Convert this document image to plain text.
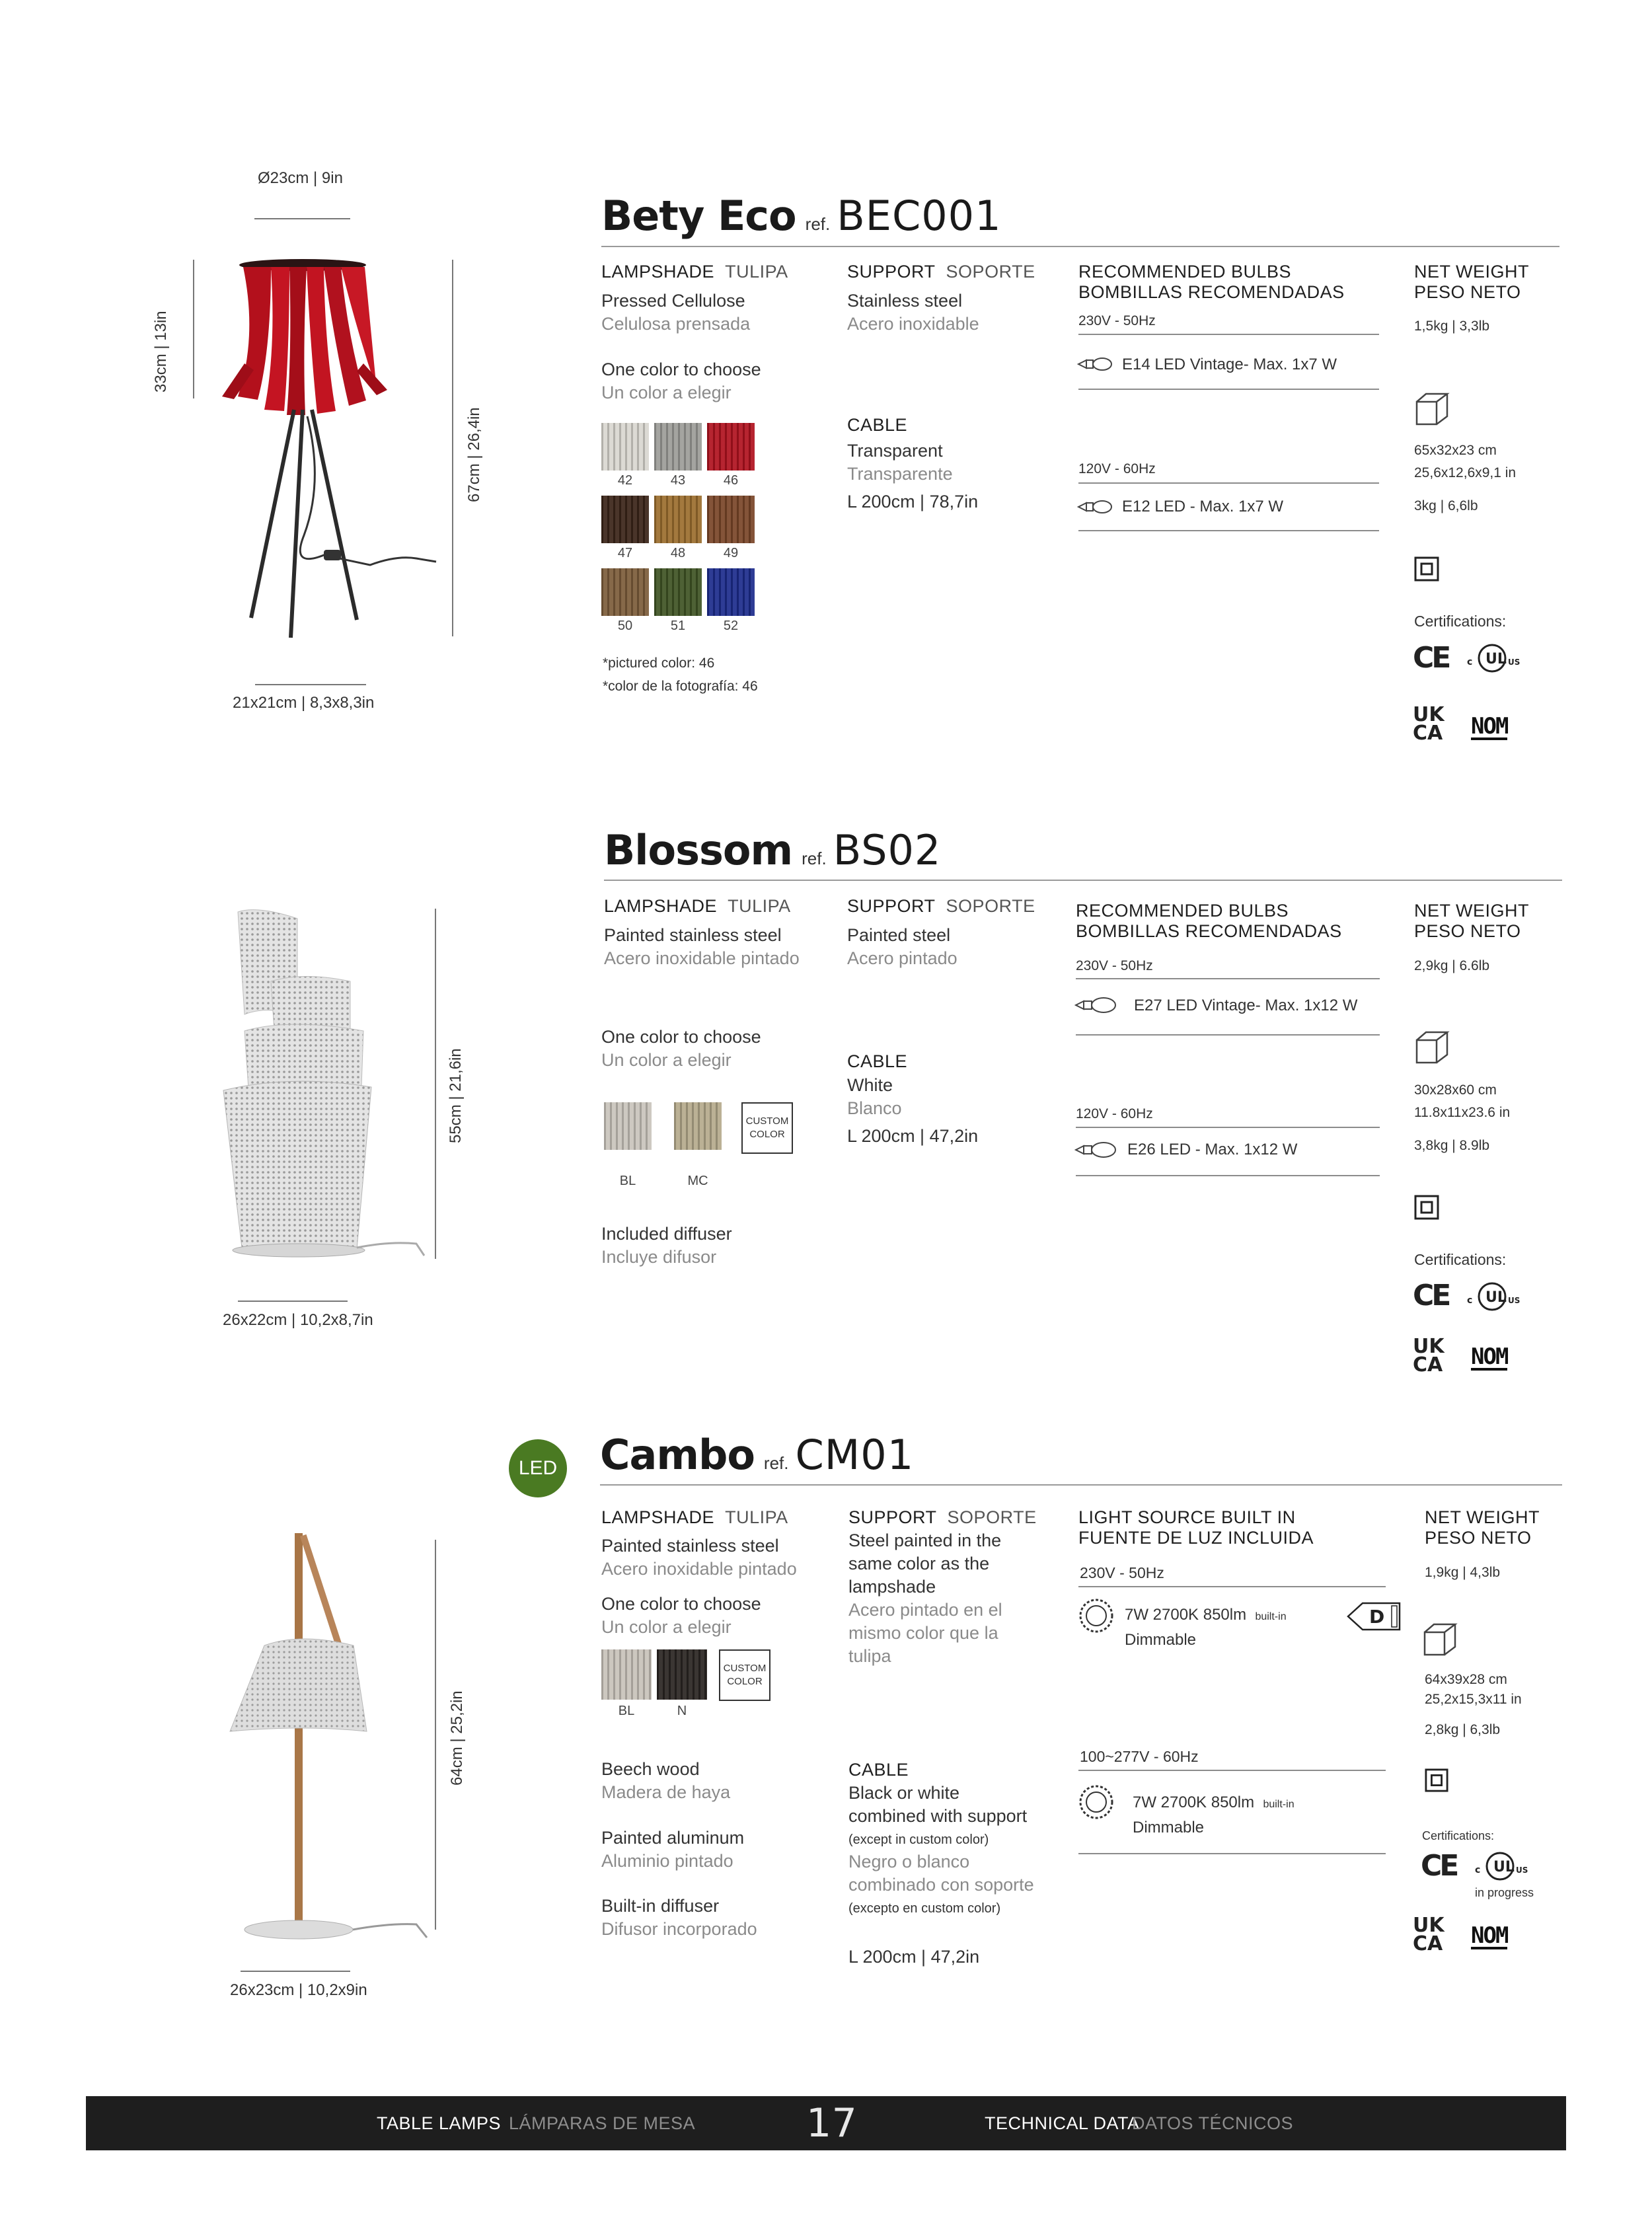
Bety Eco ref. BEC001
Ø23cm | 9in
33cm | 13in
67cm | 26,4in
21x21cm | 8,3x8,3in
LAMPSHADE TULIPA
Pressed Cellulose
Celulosa prensada
One color to choose
Un color a elegir
42	43	46
47	48	49
50	51	52
*pictured color: 46
*color de la fotografía: 46
SUPPORT SOPORTE
Stainless steel
Acero inoxidable
CABLE
Transparent
Transparente
L 200cm | 78,7in
RECOMMENDED BULBS
BOMBILLAS RECOMENDADAS
230V - 50Hz
E14 LED Vintage- Max. 1x7 W
120V - 60Hz
E12 LED - Max. 1x7 W
NET WEIGHT
PESO NETO
1,5kg | 3,3lb
65x32x23 cm
25,6x12,6x9,1 in
3kg | 6,6lb
Certifications:
CE	UL
c	US
UK
CA NOM
Blossom ref. BS02
55cm | 21,6in
26x22cm | 10,2x8,7in
LAMPSHADE TULIPA
Painted stainless steel
Acero inoxidable pintado
One color to choose
Un color a elegir
BL	MC
CUSTOM
COLOR
Included diffuser
Incluye difusor
SUPPORT SOPORTE
Painted steel
Acero pintado
CABLE
White
Blanco
L 200cm | 47,2in
RECOMMENDED BULBS
BOMBILLAS RECOMENDADAS
230V - 50Hz
E27 LED Vintage- Max. 1x12 W
120V - 60Hz
E26 LED - Max. 1x12 W
NET WEIGHT
PESO NETO
2,9kg | 6.6lb
30x28x60 cm
11.8x11x23.6 in
3,8kg | 8.9lb
Certifications:
CE	UL
c	US
UK
CA NOM
LED Cambo ref. CM01
64cm | 25,2in
26x23cm | 10,2x9in
LAMPSHADE TULIPA
Painted stainless steel
Acero inoxidable pintado
One color to choose
Un color a elegir
BL	N
CUSTOM
COLOR
Beech wood
Madera de haya
Painted aluminum
Aluminio pintado
Built-in diffuser
Difusor incorporado
SUPPORT SOPORTE
Steel painted in the
same color as the
lampshade
Acero pintado en el
mismo color que la
tulipa
CABLE
Black or white
combined with support
(except in custom color)
Negro o blanco
combinado con soporte
(excepto en custom color)
L 200cm | 47,2in
LIGHT SOURCE BUILT IN
FUENTE DE LUZ INCLUIDA
230V - 50Hz
7W 2700K 850lm built-in
Dimmable
D
100~277V - 60Hz
7W 2700K 850lm built-in
Dimmable
NET WEIGHT
PESO NETO
1,9kg | 4,3lb
64x39x28 cm
25,2x15,3x11 in
2,8kg | 6,3lb
Certifications:
CE	UL
c	US
in progress
UK
CA NOM
TABLE LAMPS LÁMPARAS DE MESA	17	TECHNICAL DATA
DATOS TÉCNICOS
